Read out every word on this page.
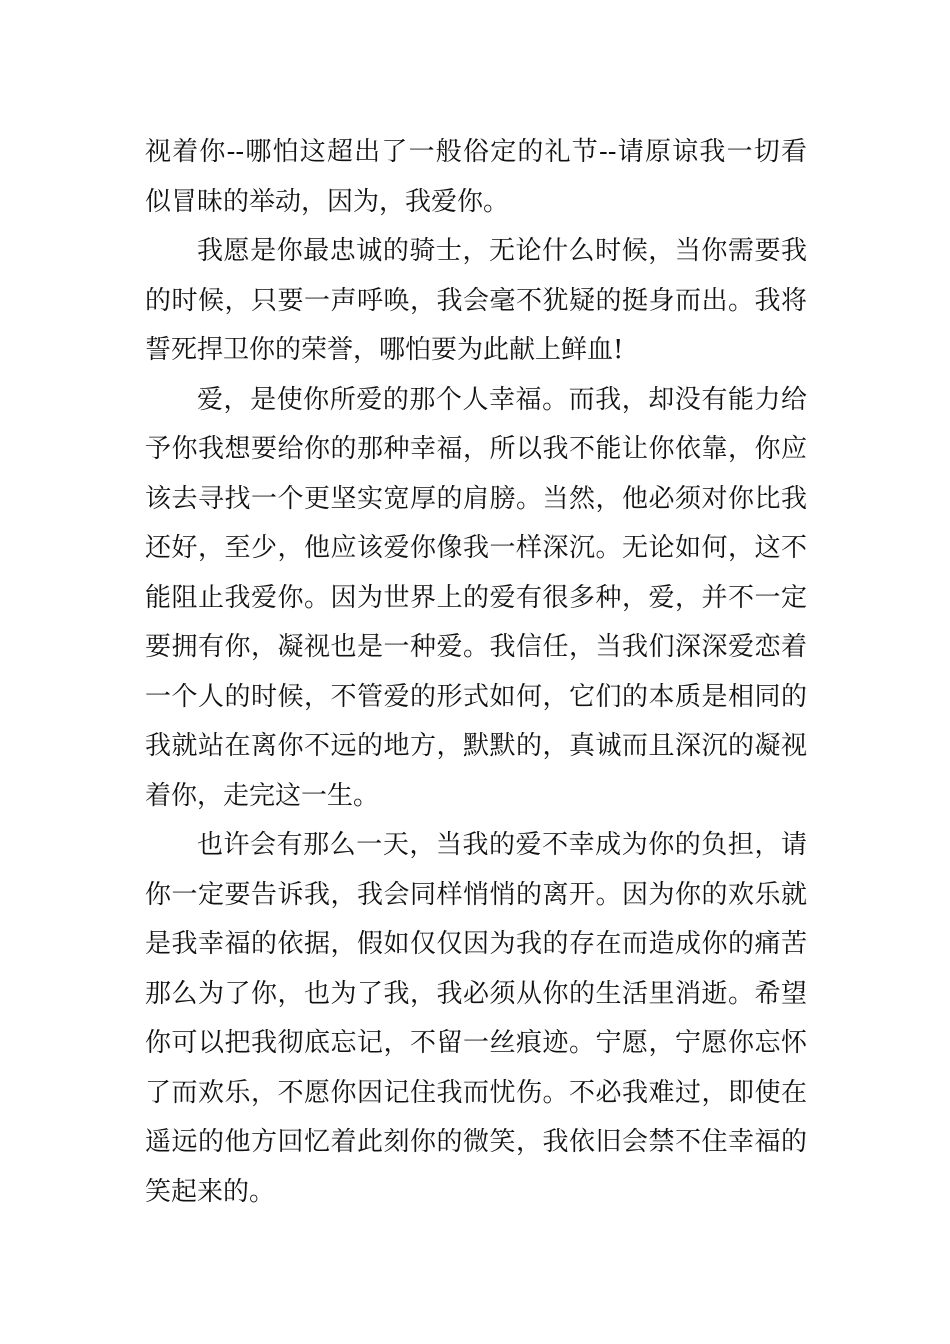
视着你--哪怕这超出了一般俗定的礼节--请原谅我一切看
似冒昧的举动，因为，我爱你。
我愿是你最忠诚的骑士，无论什么时候，当你需要我
的时候，只要一声呼唤，我会毫不犹疑的挺身而出。我将
誓死捍卫你的荣誉，哪怕要为此献上鲜血!
爱，是使你所爱的那个人幸福。而我，却没有能力给
予你我想要给你的那种幸福，所以我不能让你依靠，你应
该去寻找一个更坚实宽厚的肩膀。当然，他必须对你比我
还好，至少，他应该爱你像我一样深沉。无论如何，这不
能阻止我爱你。因为世界上的爱有很多种，爱，并不一定
要拥有你，凝视也是一种爱。我信任，当我们深深爱恋着
一个人的时候，不管爱的形式如何，它们的本质是相同的
我就站在离你不远的地方，默默的，真诚而且深沉的凝视
着你，走完这一生。
也许会有那么一天，当我的爱不幸成为你的负担，请
你一定要告诉我，我会同样悄悄的离开。因为你的欢乐就
是我幸福的依据，假如仅仅因为我的存在而造成你的痛苦
那么为了你，也为了我，我必须从你的生活里消逝。希望
你可以把我彻底忘记，不留一丝痕迹。宁愿，宁愿你忘怀
了而欢乐，不愿你因记住我而忧伤。不必我难过，即使在
遥远的他方回忆着此刻你的微笑，我依旧会禁不住幸福的
笑起来的。
